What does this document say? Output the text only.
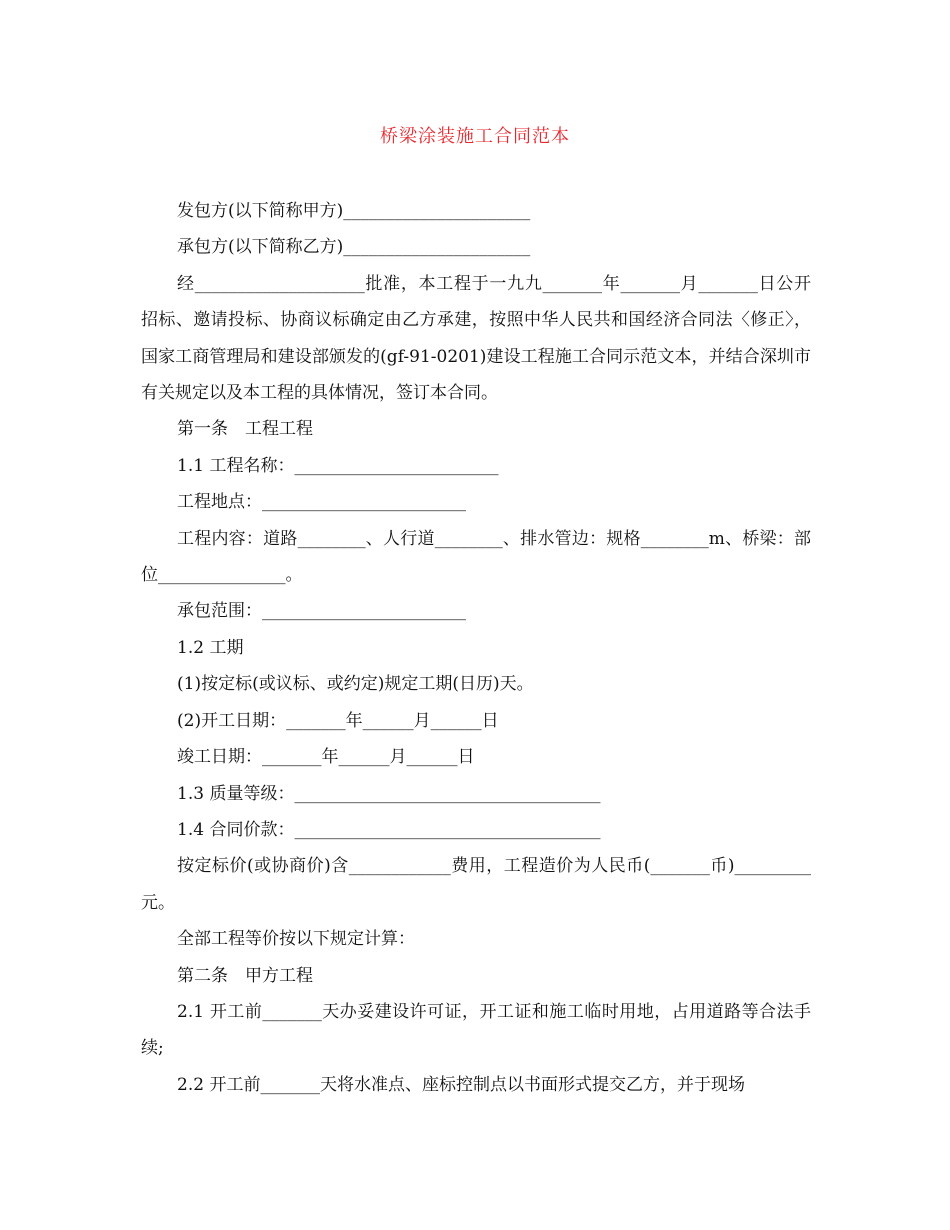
桥梁涂装施工合同范本

发包方(以下简称甲方)______________________

承包方(以下简称乙方)______________________

经____________________批准，本工程于一九九_______年_______月_______日公开招标、邀请投标、协商议标确定由乙方承建，按照中华人民共和国经济合同法〈修正〉，国家工商管理局和建设部颁发的(gf-91-0201)建设工程施工合同示范文本，并结合深圳市有关规定以及本工程的具体情况，签订本合同。

第一条　工程工程

1.1 工程名称：________________________

工程地点：________________________

工程内容：道路________、人行道________、排水管边：规格________m、桥梁：部位_______________。

承包范围：________________________

1.2 工期

(1)按定标(或议标、或约定)规定工期(日历)天。

(2)开工日期：_______年______月______日

竣工日期：_______年______月______日

1.3 质量等级：____________________________________

1.4 合同价款：____________________________________

按定标价(或协商价)含____________费用，工程造价为人民币(_______币)_________元。

全部工程等价按以下规定计算：

第二条　甲方工程

2.1 开工前_______天办妥建设许可证，开工证和施工临时用地，占用道路等合法手续;

2.2 开工前_______天将水准点、座标控制点以书面形式提交乙方，并于现场
